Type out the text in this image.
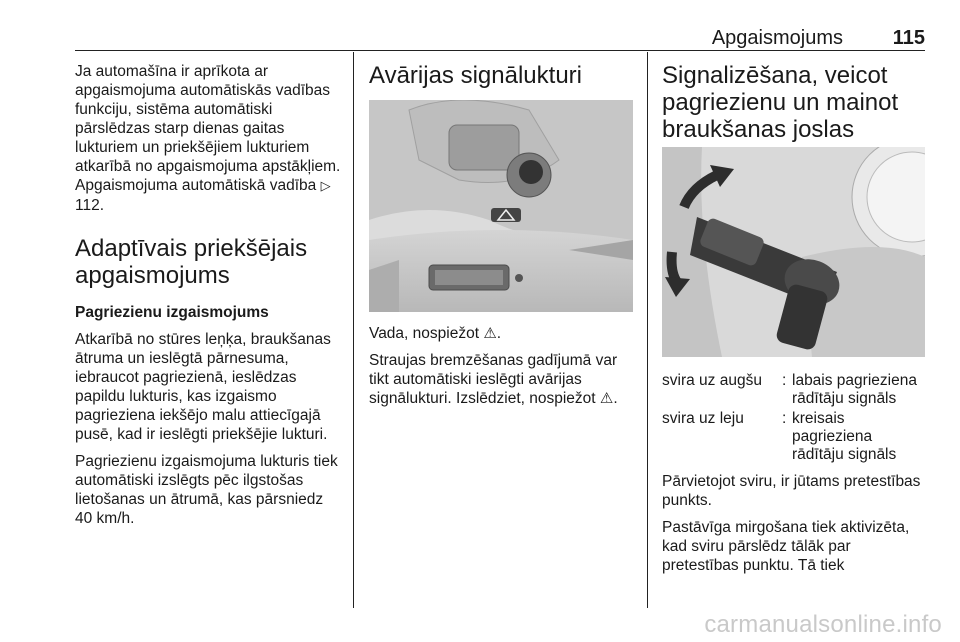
Apgaismojums 115

Ja automašīna ir aprīkota ar apgaismojuma automātiskās vadības funkciju, sistēma automātiski pārslēdzas starp dienas gaitas lukturiem un priekšējiem lukturiem atkarībā no apgaismojuma apstākļiem. Apgaismojuma automātiskā vadība ▷ 112.

Adaptīvais priekšējais apgaismojums

Pagriezienu izgaismojums

Atkarībā no stūres leņķa, braukšanas ātruma un ieslēgtā pārnesuma, iebraucot pagriezienā, ieslēdzas papildu lukturis, kas izgaismo pagrieziena iekšējo malu attiecīgajā pusē, kad ir ieslēgti priekšējie lukturi.

Pagriezienu izgaismojuma lukturis tiek automātiski izslēgts pēc ilgstošas lietošanas un ātrumā, kas pārsniedz 40 km/h.

Avārijas signālukturi

Vada, nospiežot ⚠.

Straujas bremzēšanas gadījumā var tikt automātiski ieslēgti avārijas signālukturi. Izslēdziet, nospiežot ⚠.

Signalizēšana, veicot pagriezienu un mainot braukšanas joslas
svira uz augšu : labais pagrieziena rādītāju signāls
svira uz leju : kreisais pagrieziena rādītāju signāls

Pārvietojot sviru, ir jūtams pretestības punkts.

Pastāvīga mirgošana tiek aktivizēta, kad sviru pārslēdz tālāk par pretestības punktu. Tā tiek

carmanualsonline.info
